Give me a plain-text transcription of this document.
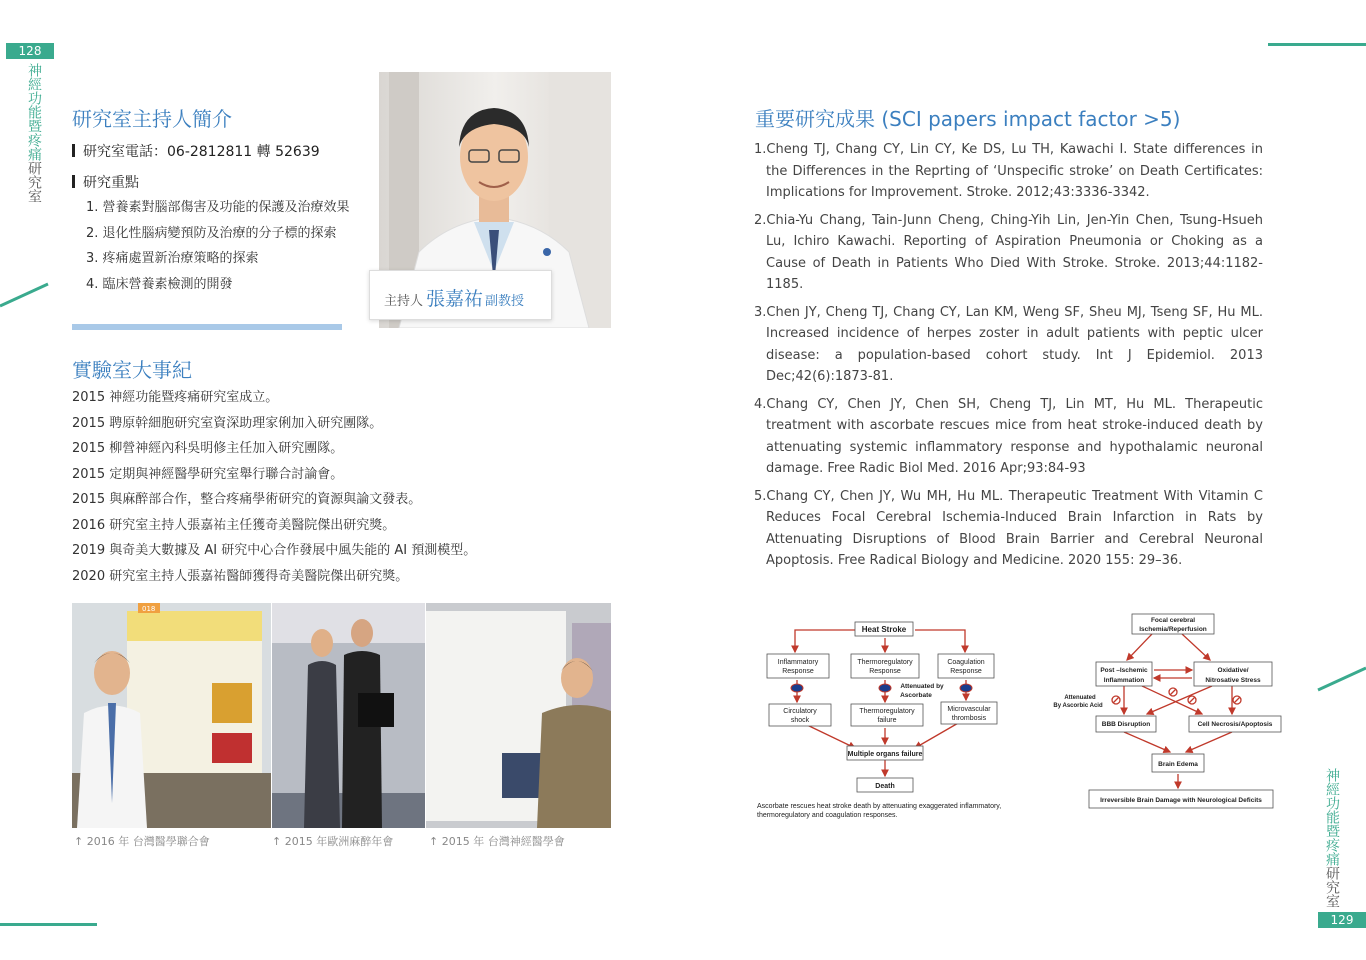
128
神經功能暨疼痛研究室
神經功能暨疼痛研究室
129
研究室主持人簡介
研究室電話：06-2812811 轉 52639
研究重點
1. 營養素對腦部傷害及功能的保護及治療效果
2. 退化性腦病變預防及治療的分子標的探索
3. 疼痛處置新治療策略的探索
4. 臨床營養素檢測的開發
主持人 張嘉祐 副教授
實驗室大事紀
2015 神經功能暨疼痛研究室成立。
2015 聘原幹細胞研究室資深助理家俐加入研究團隊。
2015 柳營神經內科吳明修主任加入研究團隊。
2015 定期與神經醫學研究室舉行聯合討論會。
2015 與麻醉部合作，整合疼痛學術研究的資源與論文發表。
2016 研究室主持人張嘉祐主任獲奇美醫院傑出研究獎。
2019 與奇美大數據及 AI 研究中心合作發展中風失能的 AI 預測模型。
2020 研究室主持人張嘉祐醫師獲得奇美醫院傑出研究獎。
018
↑ 2016 年 台灣醫學聯合會	↑ 2015 年歐洲麻醉年會	↑ 2015 年 台灣神經醫學會
重要研究成果 (SCI papers impact factor >5)
1.Cheng TJ, Chang CY, Lin CY, Ke DS, Lu TH, Kawachi I. State differences in the Differences in the Reprting of ‘Unspecific stroke’ on Death Certificates: Implications for Improvement. Stroke. 2012;43:3336-3342.
2.Chia-Yu Chang, Tain-Junn Cheng, Ching-Yih Lin, Jen-Yin Chen, Tsung-Hsueh Lu, Ichiro Kawachi. Reporting of Aspiration Pneumonia or Choking as a Cause of Death in Patients Who Died With Stroke. Stroke. 2013;44:1182-1185.
3.Chen JY, Cheng TJ, Chang CY, Lan KM, Weng SF, Sheu MJ, Tseng SF, Hu ML. Increased incidence of herpes zoster in adult patients with peptic ulcer disease: a population-based cohort study. Int J Epidemiol. 2013 Dec;42(6):1873-81.
4.Chang CY, Chen JY, Chen SH, Cheng TJ, Lin MT, Hu ML. Therapeutic treatment with ascorbate rescues mice from heat stroke-induced death by attenuating systemic inflammatory response and hypothalamic neuronal damage. Free Radic Biol Med. 2016 Apr;93:84-93
5.Chang CY, Chen JY, Wu MH, Hu ML. Therapeutic Treatment With Vitamin C Reduces Focal Cerebral Ischemia-Induced Brain Infarction in Rats by Attenuating Disruptions of Blood Brain Barrier and Cerebral Neuronal Apoptosis. Free Radical Biology and Medicine. 2020 155: 29–36.
Heat Stroke
Inflammatory
Response
Thermoregulatory
Response
Coagulation
Response
Attenuated by
Ascorbate
Circulatory
shock
Thermoregulatory
failure
Microvascular
thrombosis
Multiple organs failure
Death
Ascorbate rescues heat stroke death by attenuating exaggerated inflammatory,
thermoregulatory and coagulation responses.
Focal cerebral
Ischemia/Reperfusion
Post –Ischemic
Inflammation
Oxidative/
Nitrosative Stress
Attenuated
By Ascorbic Acid
BBB Disruption	Cell Necrosis/Apoptosis
Brain Edema
Irreversible Brain Damage with Neurological Deficits
